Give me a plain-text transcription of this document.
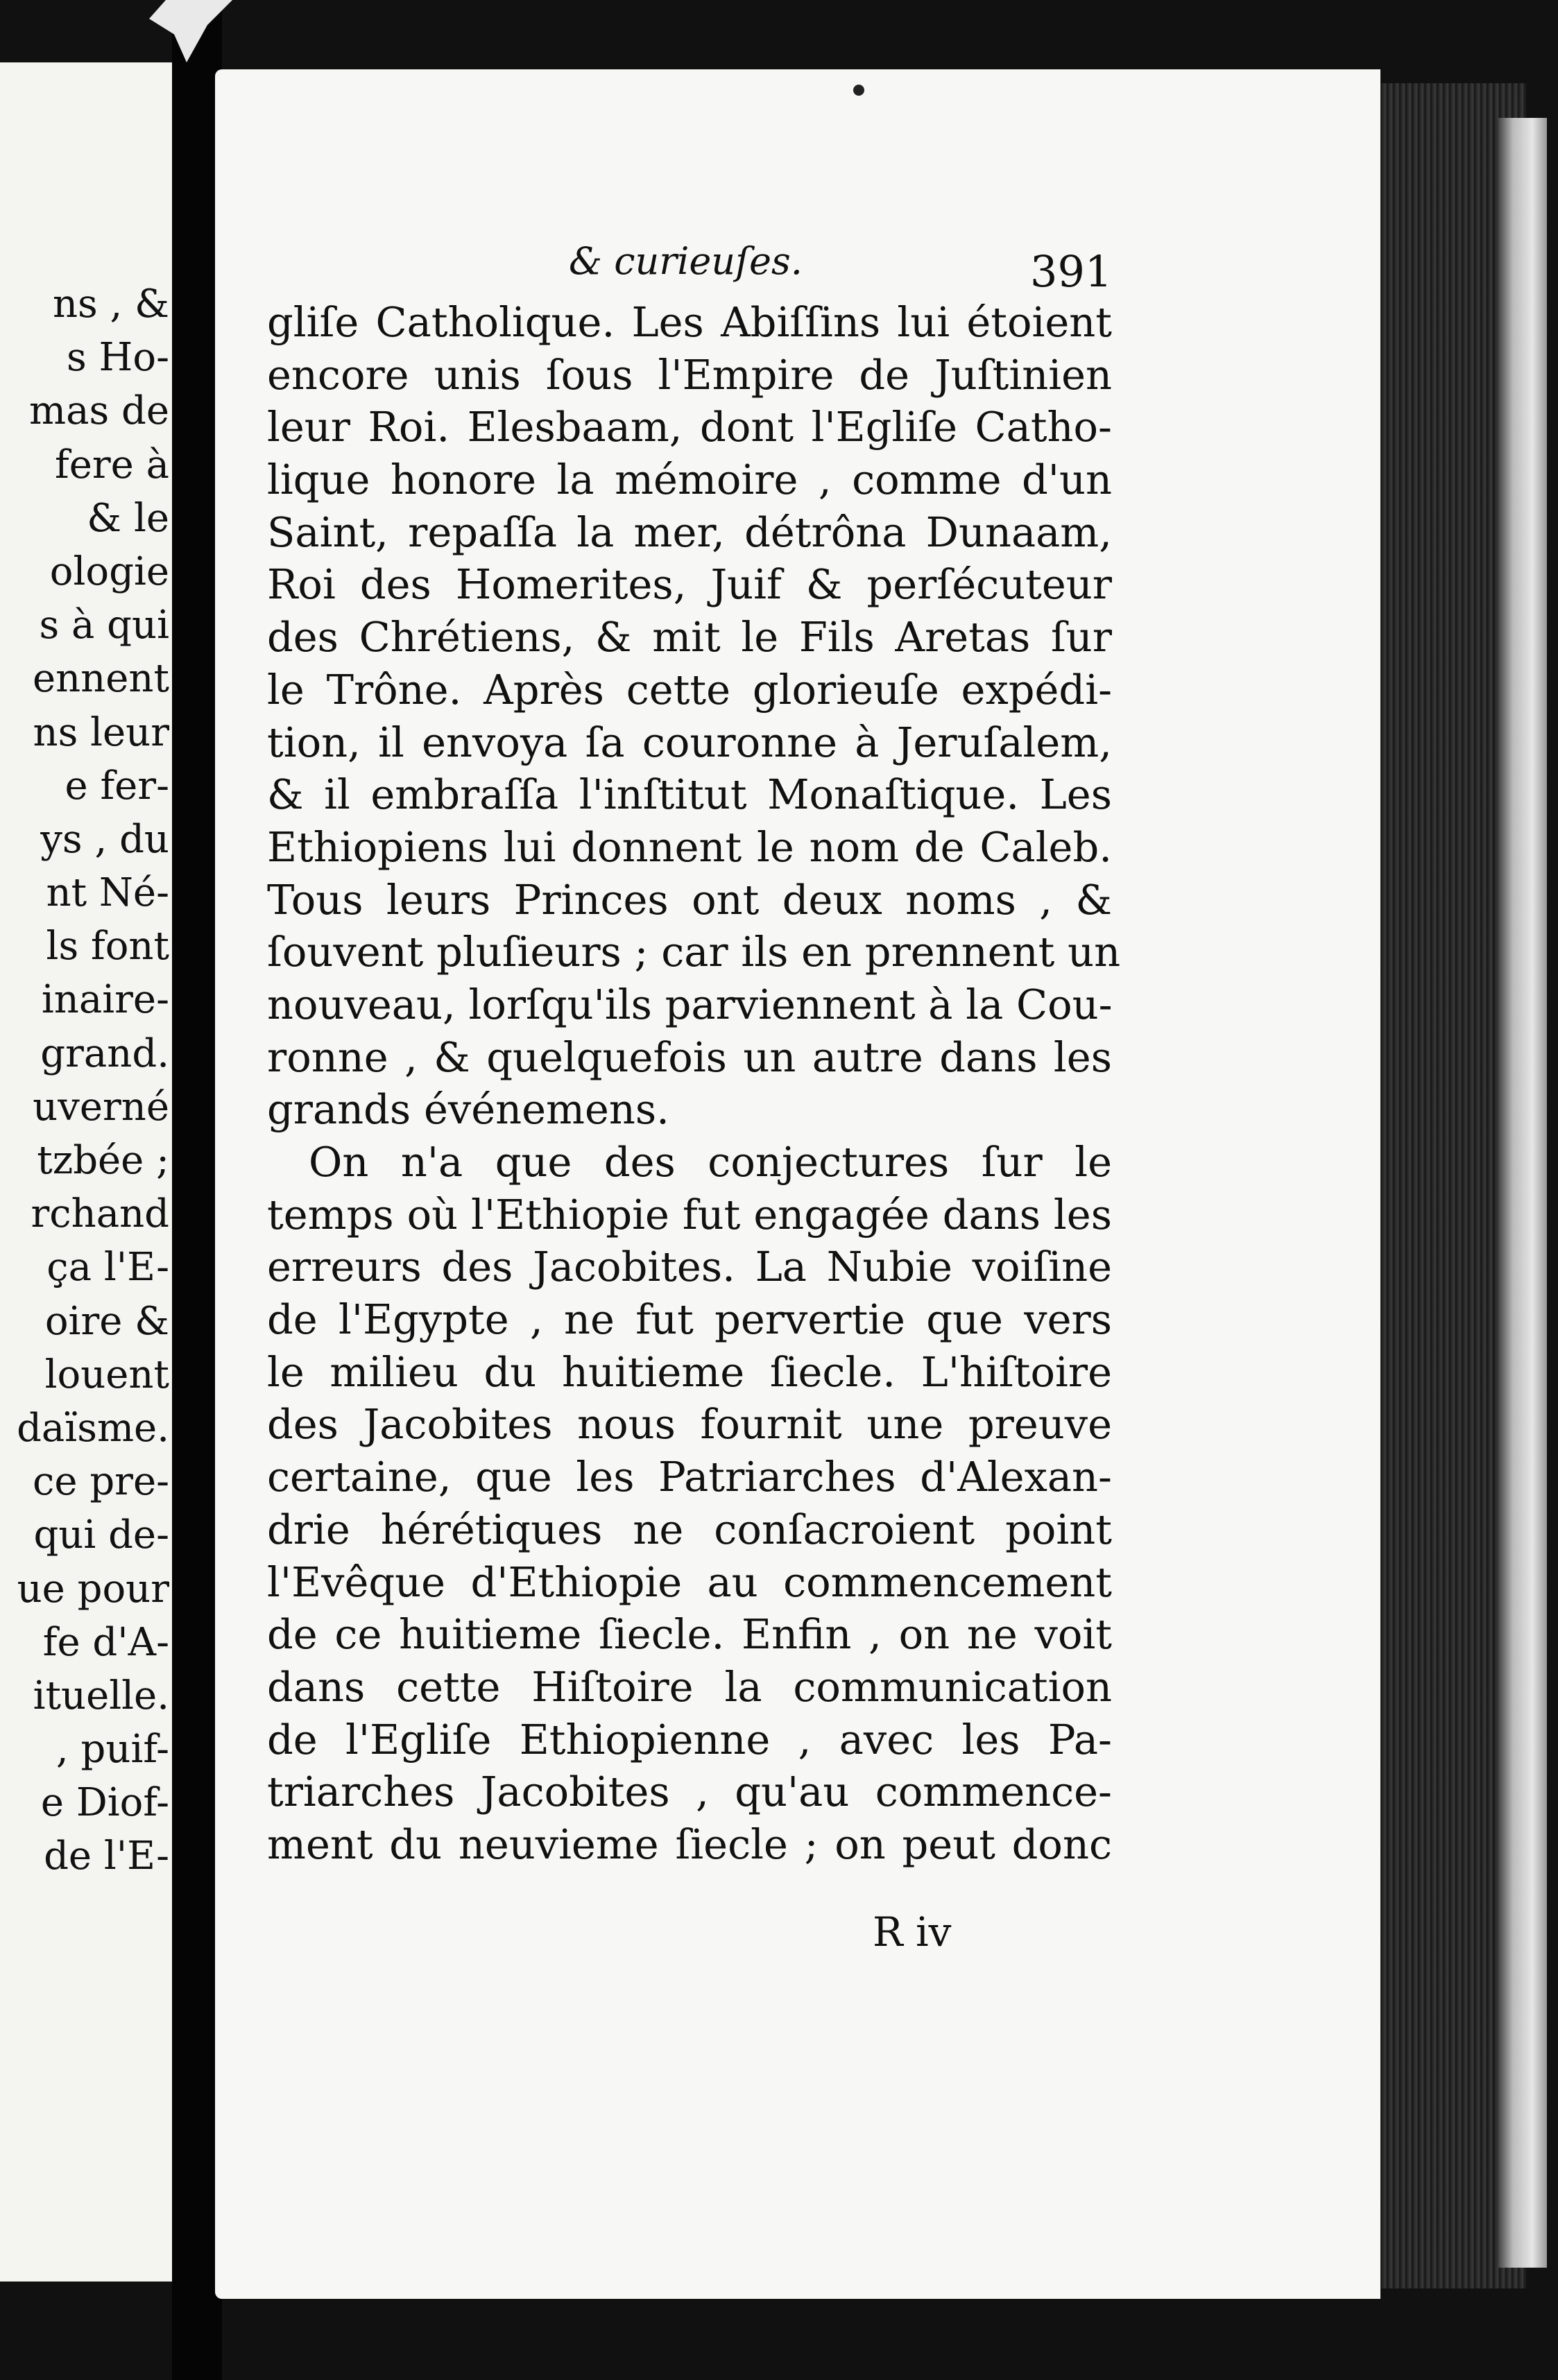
ns , &
s Ho-
mas de
fere à
& le
ologie
s à qui
ennent
ns leur
e fer-
ys , du
nt Né-
ls font
inaire-
grand.
uverné
tzbée ;
rchand
ça l'E-
oire &
louent
daïsme.
ce pre-
qui de-
ue pour
fe d'A-
ituelle.
, puif-
e Diof-
de l'E-
& curieuſes.	391
gliſe Catholique. Les Abiſſins lui étoient
encore unis ſous l'Empire de Juſtinien
leur Roi. Elesbaam, dont l'Egliſe Catho-
lique honore la mémoire , comme d'un
Saint, repaſſa la mer, détrôna Dunaam,
Roi des Homerites, Juif & perſécuteur
des Chrétiens, & mit le Fils Aretas ſur
le Trône. Après cette glorieuſe expédi-
tion, il envoya ſa couronne à Jeruſalem,
& il embraſſa l'inſtitut Monaſtique. Les
Ethiopiens lui donnent le nom de Caleb.
Tous leurs Princes ont deux noms , &
ſouvent pluſieurs ; car ils en prennent un
nouveau, lorſqu'ils parviennent à la Cou-
ronne , & quelquefois un autre dans les
grands événemens.
On n'a que des conjectures ſur le
temps où l'Ethiopie fut engagée dans les
erreurs des Jacobites. La Nubie voiſine
de l'Egypte , ne fut pervertie que vers
le milieu du huitieme ſiecle. L'hiſtoire
des Jacobites nous fournit une preuve
certaine, que les Patriarches d'Alexan-
drie hérétiques ne conſacroient point
l'Evêque d'Ethiopie au commencement
de ce huitieme ſiecle. Enfin , on ne voit
dans cette Hiſtoire la communication
de l'Egliſe Ethiopienne , avec les Pa-
triarches Jacobites , qu'au commence-
ment du neuvieme ſiecle ; on peut donc
R iv
